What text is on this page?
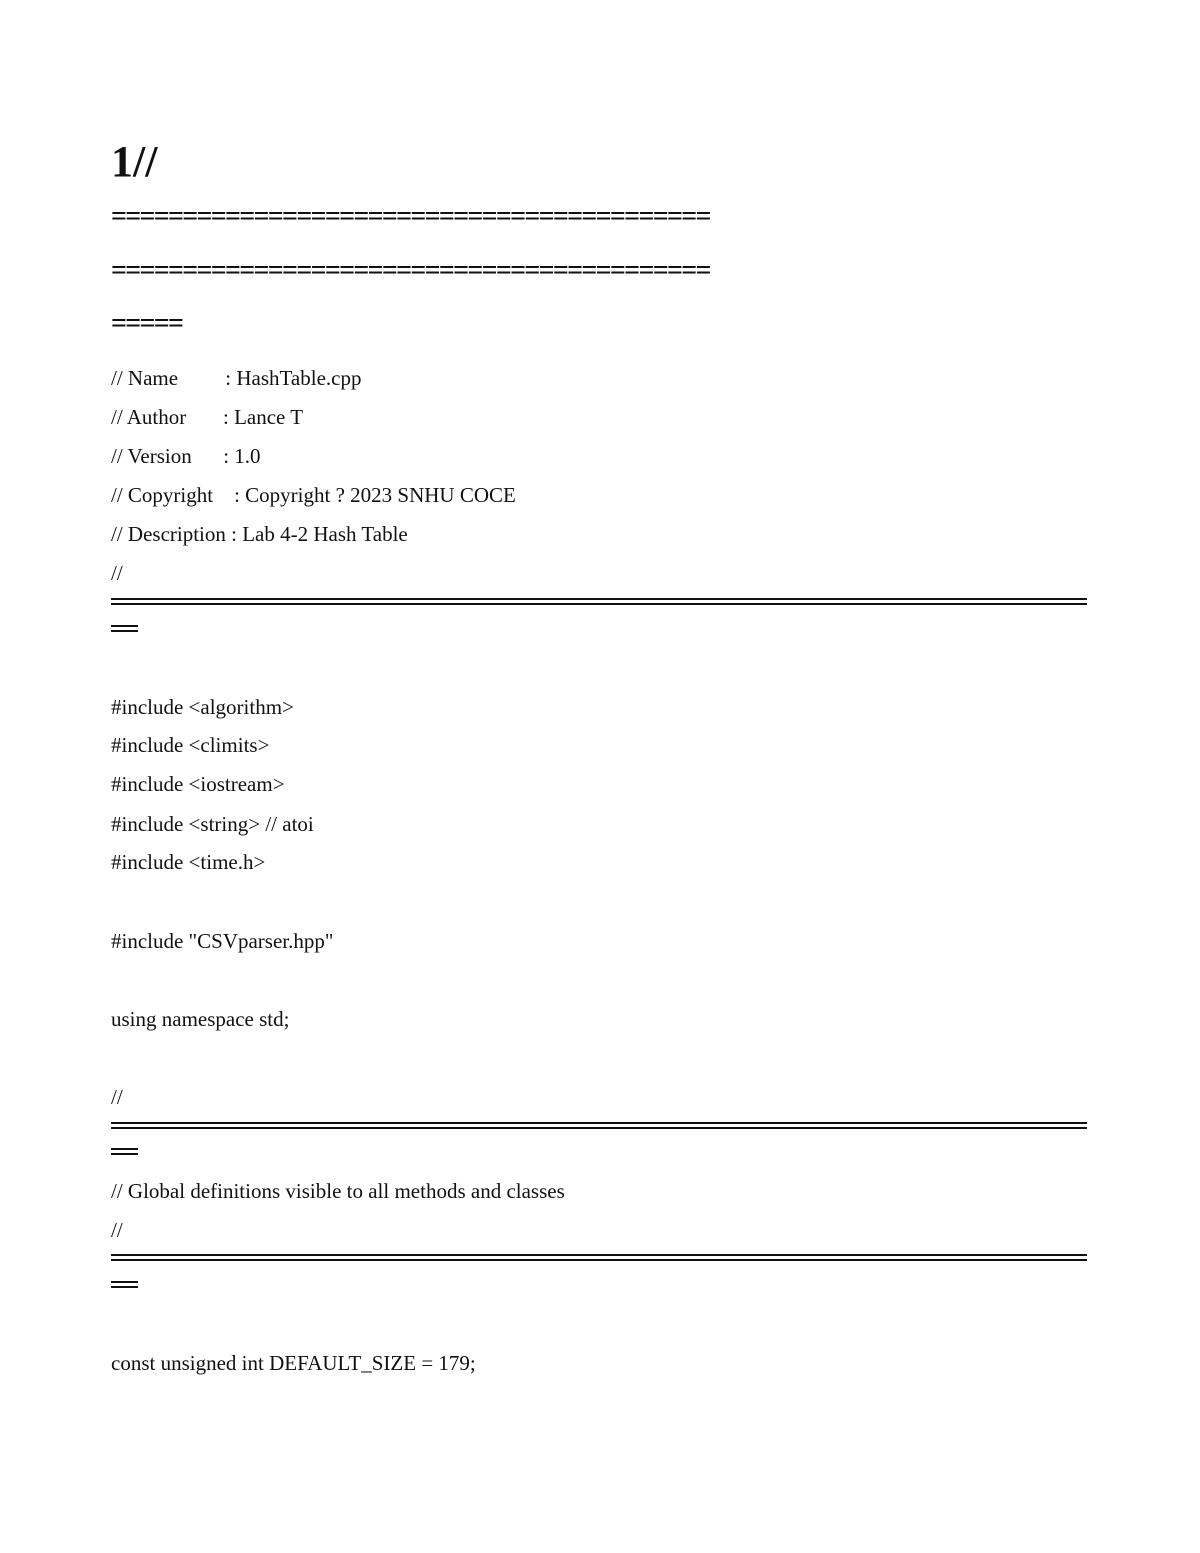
1//
==========================================
==========================================
=====
// Name         : HashTable.cpp
// Author       : Lance T
// Version      : 1.0
// Copyright    : Copyright ? 2023 SNHU COCE
// Description : Lab 4-2 Hash Table
//
#include <algorithm>
#include <climits>
#include <iostream>
#include <string> // atoi
#include <time.h>
#include "CSVparser.hpp"
using namespace std;
//
// Global definitions visible to all methods and classes
//
const unsigned int DEFAULT_SIZE = 179;
